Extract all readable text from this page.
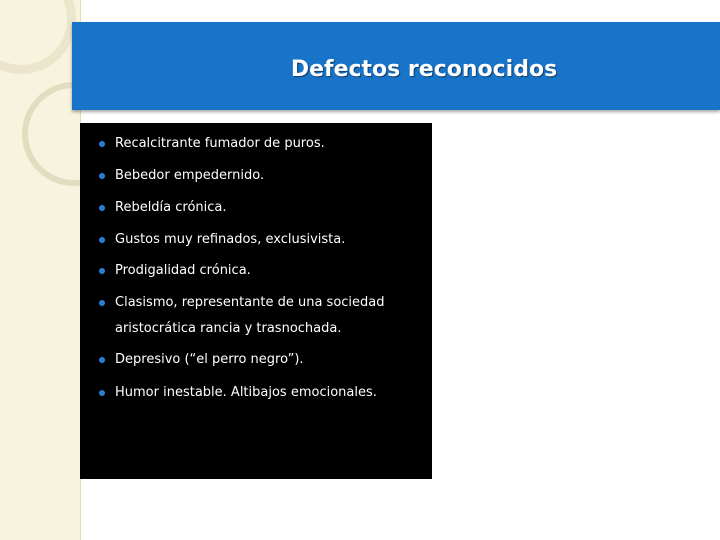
Defectos reconocidos
Recalcitrante fumador de puros.
Bebedor empedernido.
Rebeldía crónica.
Gustos muy refinados, exclusivista.
Prodigalidad crónica.
Clasismo, representante de una sociedad aristocrática rancia y trasnochada.
Depresivo (“el perro negro”).
Humor inestable. Altibajos emocionales.
